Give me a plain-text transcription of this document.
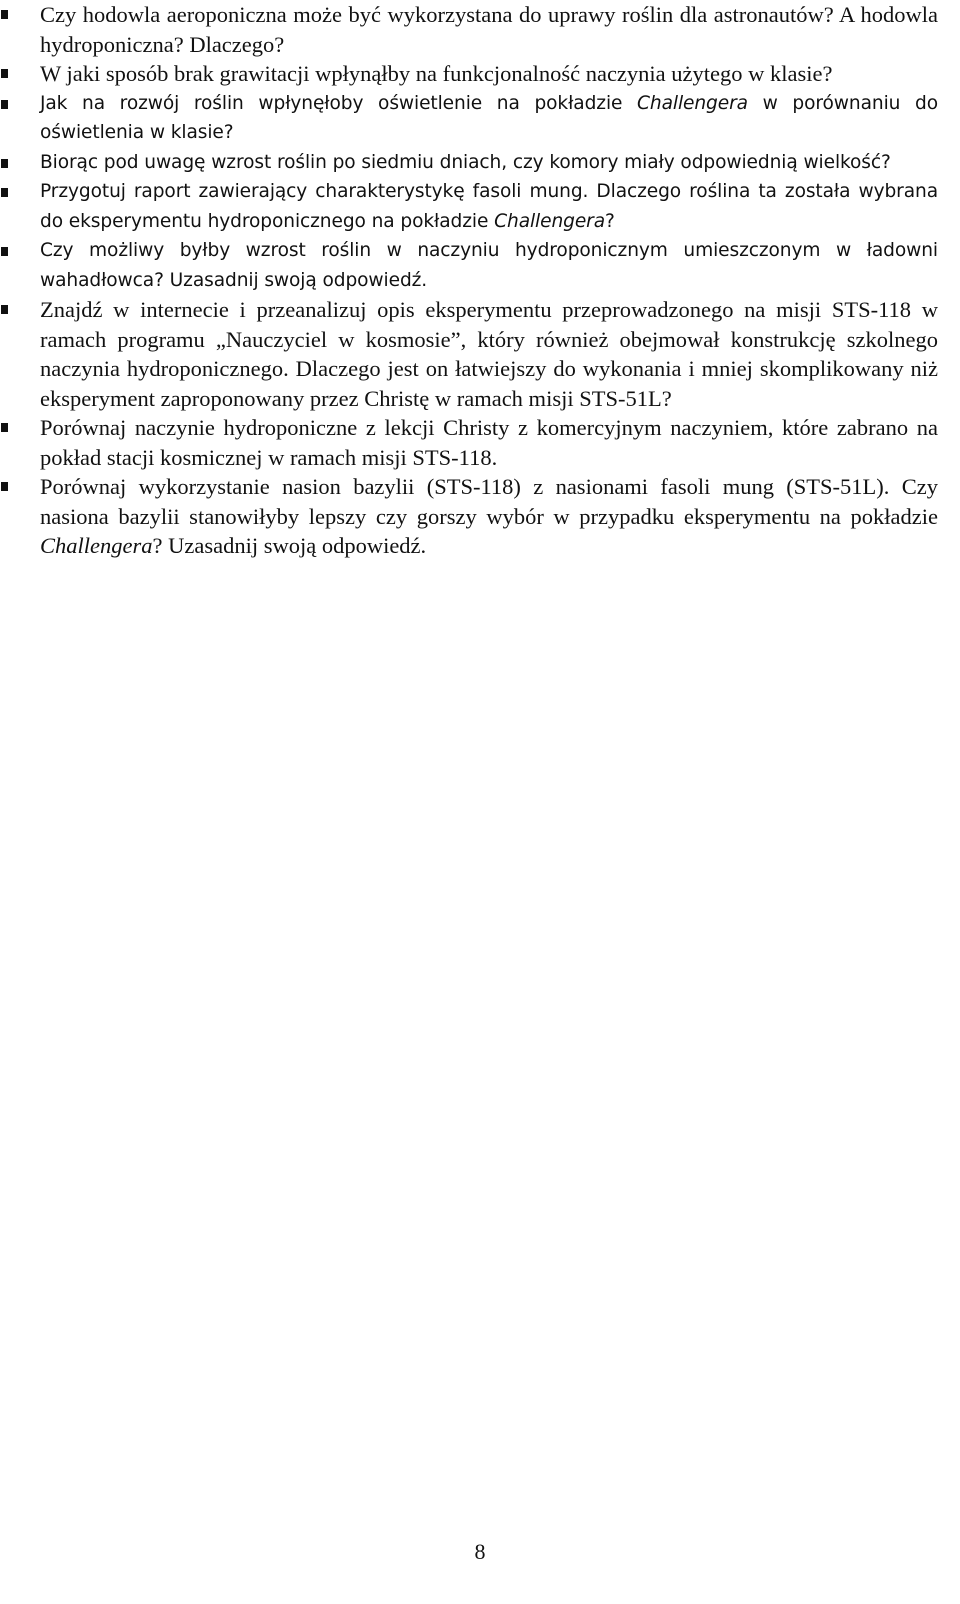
Czy hodowla aeroponiczna może być wykorzystana do uprawy roślin dla astronautów? A hodowla hydroponiczna? Dlaczego?
W jaki sposób brak grawitacji wpłynąłby na funkcjonalność naczynia użytego w klasie?
Jak na rozwój roślin wpłynęłoby oświetlenie na pokładzie Challengera w porównaniu do oświetlenia w klasie?
Biorąc pod uwagę wzrost roślin po siedmiu dniach, czy komory miały odpowiednią wielkość?
Przygotuj raport zawierający charakterystykę fasoli mung. Dlaczego roślina ta została wybrana do eksperymentu hydroponicznego na pokładzie Challengera?
Czy możliwy byłby wzrost roślin w naczyniu hydroponicznym umieszczonym w ładowni wahadłowca? Uzasadnij swoją odpowiedź.
Znajdź w internecie i przeanalizuj opis eksperymentu przeprowadzonego na misji STS-118 w ramach programu „Nauczyciel w kosmosie”, który również obejmował konstrukcję szkolnego naczynia hydroponicznego. Dlaczego jest on łatwiejszy do wykonania i mniej skomplikowany niż eksperyment zaproponowany przez Christę w ramach misji STS-51L?
Porównaj naczynie hydroponiczne z lekcji Christy z komercyjnym naczyniem, które zabrano na pokład stacji kosmicznej w ramach misji STS-118.
Porównaj wykorzystanie nasion bazylii (STS-118) z nasionami fasoli mung (STS-51L). Czy nasiona bazylii stanowiłyby lepszy czy gorszy wybór w przypadku eksperymentu na pokładzie Challengera? Uzasadnij swoją odpowiedź.
8
